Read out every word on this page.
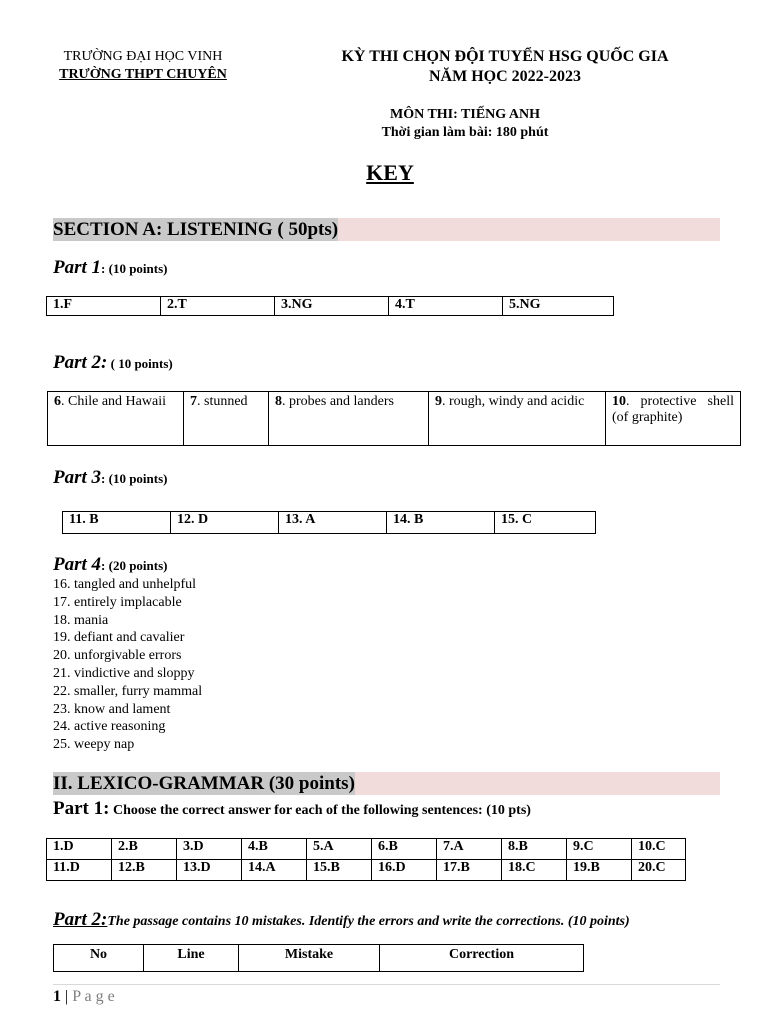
TRƯỜNG ĐẠI HỌC VINH
TRƯỜNG THPT CHUYÊN
KỲ THI CHỌN ĐỘI TUYỂN HSG QUỐC GIA
NĂM HỌC 2022-2023
MÔN THI: TIẾNG ANH
Thời gian làm bài: 180 phút
KEY
SECTION A: LISTENING ( 50pts)
Part 1: (10 points)
1.F	2.T	3.NG	4.T	5.NG
Part 2: ( 10 points)
6. Chile and Hawaii	7. stunned	8. probes and landers	9. rough, windy and acidic	10. protective shell (of graphite)
Part 3: (10 points)
11. B	12. D	13. A	14. B	15. C
Part 4: (20 points)
16. tangled and unhelpful
17. entirely implacable
18. mania
19. defiant and cavalier
20. unforgivable errors
21. vindictive and sloppy
22. smaller, furry mammal
23. know and lament
24. active reasoning
25. weepy nap
II. LEXICO-GRAMMAR (30 points)
Part 1: Choose the correct answer for each of the following sentences: (10 pts)
1.D	2.B	3.D	4.B	5.A	6.B	7.A	8.B	9.C	10.C
11.D	12.B	13.D	14.A	15.B	16.D	17.B	18.C	19.B	20.C
Part 2:The passage contains 10 mistakes. Identify the errors and write the corrections. (10 points)
No	Line	Mistake	Correction
1 | P a g e
